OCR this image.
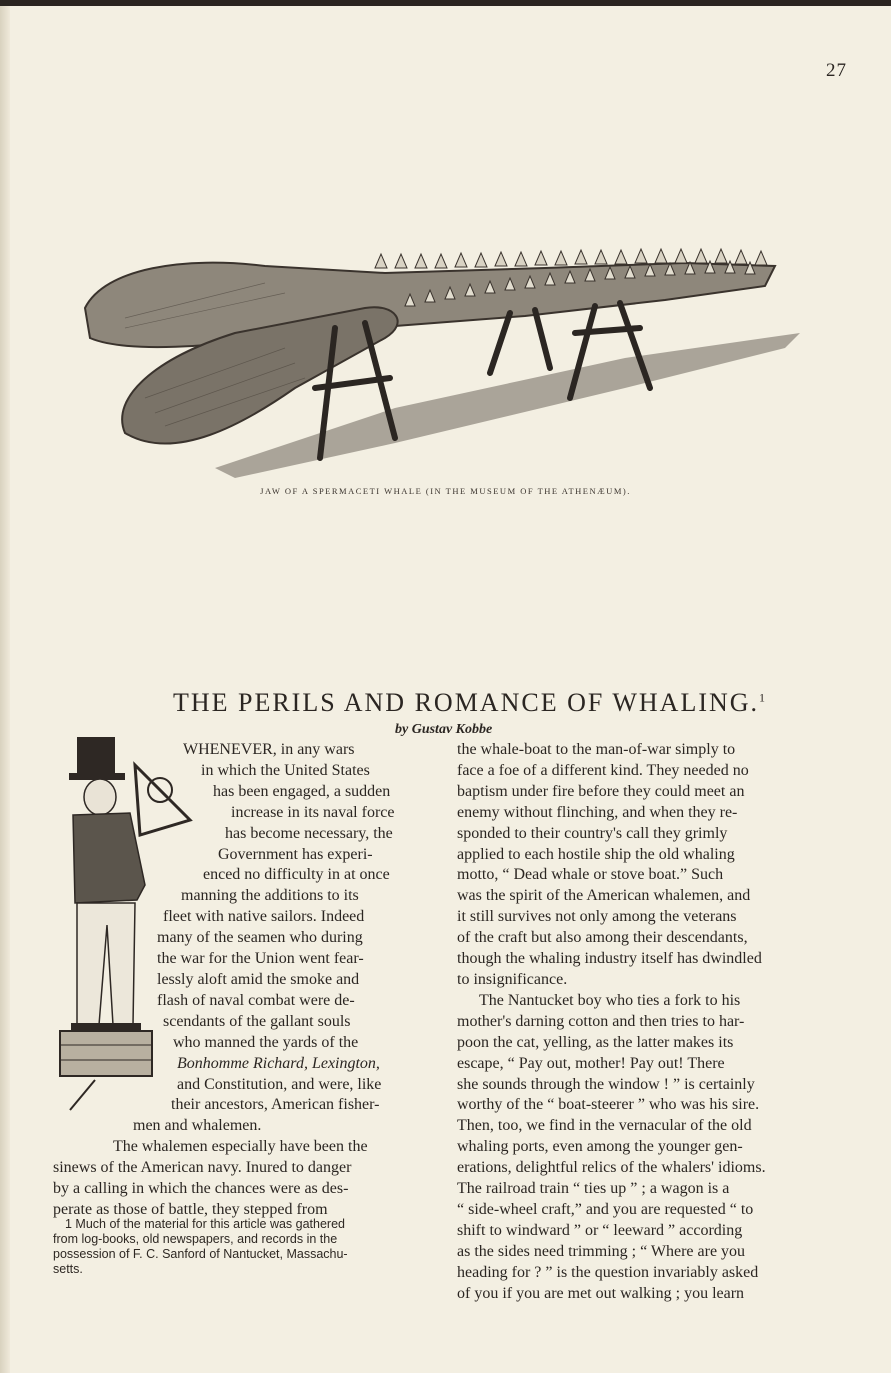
27
JAW OF A SPERMACETI WHALE (IN THE MUSEUM OF THE ATHENÆUM).
THE PERILS AND ROMANCE OF WHALING.$^1$
by Gustav Kobbe
WHENEVER, in any wars
in which the United States
has been engaged, a sudden
increase in its naval force
has become necessary, the
Government has experi-
enced no difficulty in at once
manning the additions to its
fleet with native sailors. Indeed
many of the seamen who during
the war for the Union went fear-
lessly aloft amid the smoke and
flash of naval combat were de-
scendants of the gallant souls
who manned the yards of the
Bonhomme Richard, Lexington,
and Constitution, and were, like
their ancestors, American fisher-
men and whalemen.
The whalemen especially have been the
sinews of the American navy. Inured to danger
by a calling in which the chances were as des-
perate as those of battle, they stepped from
the whale-boat to the man-of-war simply to
face a foe of a different kind. They needed no
baptism under fire before they could meet an
enemy without flinching, and when they re-
sponded to their country's call they grimly
applied to each hostile ship the old whaling
motto, “ Dead whale or stove boat.” Such
was the spirit of the American whalemen, and
it still survives not only among the veterans
of the craft but also among their descendants,
though the whaling industry itself has dwindled
to insignificance.
The Nantucket boy who ties a fork to his
mother's darning cotton and then tries to har-
poon the cat, yelling, as the latter makes its
escape, “ Pay out, mother! Pay out! There
she sounds through the window ! ” is certainly
worthy of the “ boat-steerer ” who was his sire.
Then, too, we find in the vernacular of the old
whaling ports, even among the younger gen-
erations, delightful relics of the whalers' idioms.
The railroad train “ ties up ” ; a wagon is a
“ side-wheel craft,” and you are requested “ to
shift to windward ” or “ leeward ” according
as the sides need trimming ; “ Where are you
heading for ? ” is the question invariably asked
of you if you are met out walking ; you learn
1 Much of the material for this article was gathered
from log-books, old newspapers, and records in the
possession of F. C. Sanford of Nantucket, Massachu-
setts.
